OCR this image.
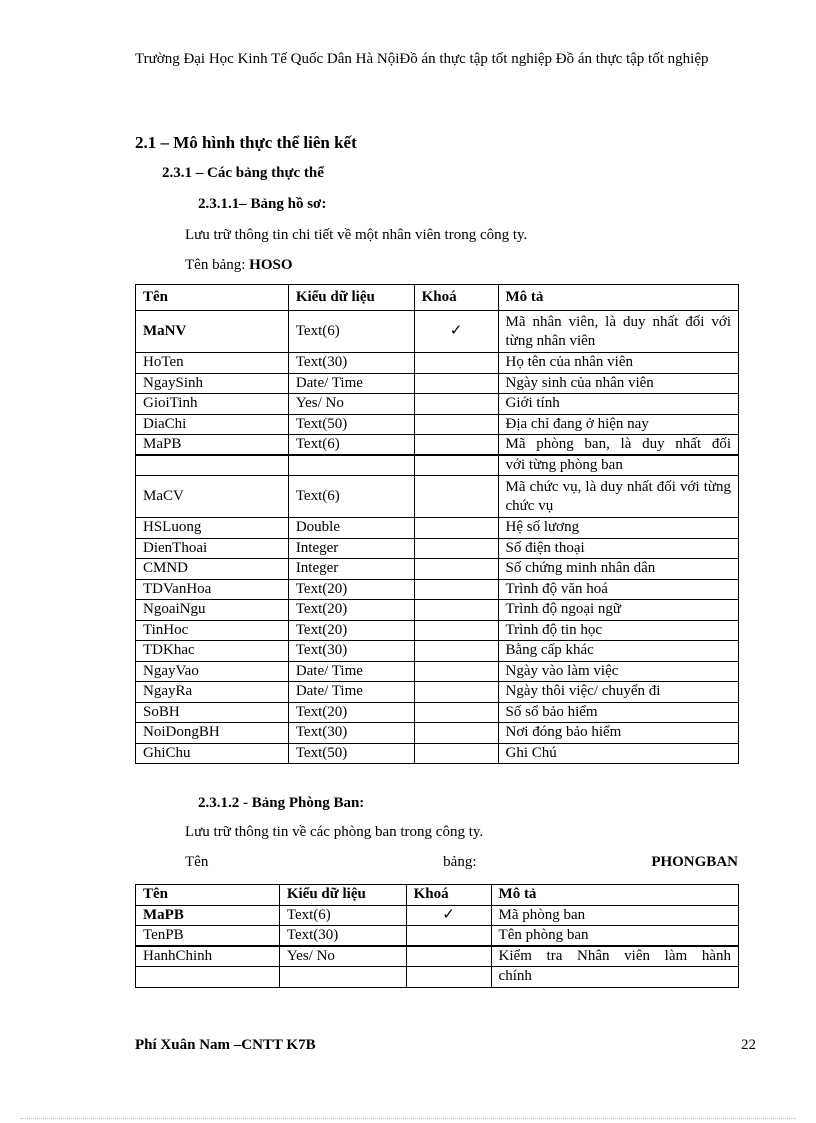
Trường Đại Học Kinh Tế Quốc Dân Hà NộiĐồ án thực tập tốt nghiệp Đồ án thực tập tốt nghiệp
2.1 – Mô hình thực thể liên kết
2.3.1 – Các bảng thực thể
2.3.1.1– Bảng hồ sơ:
Lưu trữ thông tin chi tiết về một nhân viên trong công ty.
Tên bảng: HOSO
Tên	Kiểu dữ liệu	Khoá	Mô tả
MaNV	Text(6)	✓	Mã nhân viên, là duy nhất đối với từng nhân viên
HoTen	Text(30)		Họ tên của nhân viên
NgaySinh	Date/ Time		Ngày sinh của nhân viên
GioiTinh	Yes/ No		Giới tính
DiaChi	Text(50)		Địa chỉ đang ở hiện nay
MaPB	Text(6)		Mã phòng ban, là duy nhất đối
			với từng phòng ban
MaCV	Text(6)		Mã chức vụ, là duy nhất đối với từng chức vụ
HSLuong	Double		Hệ số lương
DienThoai	Integer		Số điện thoại
CMND	Integer		Số chứng minh nhân dân
TDVanHoa	Text(20)		Trình độ văn hoá
NgoaiNgu	Text(20)		Trình độ ngoại ngữ
TinHoc	Text(20)		Trình độ tin học
TDKhac	Text(30)		Bằng cấp khác
NgayVao	Date/ Time		Ngày vào làm việc
NgayRa	Date/ Time		Ngày thôi việc/ chuyển đi
SoBH	Text(20)		Số sổ bảo hiểm
NoiDongBH	Text(30)		Nơi đóng bảo hiểm
GhiChu	Text(50)		Ghi Chú
2.3.1.2 - Bảng Phòng Ban:
Lưu trữ thông tin về các phòng ban trong công ty.
Tên	bảng:	PHONGBAN
Tên	Kiểu dữ liệu	Khoá	Mô tả
MaPB	Text(6)	✓	Mã phòng ban
TenPB	Text(30)		Tên phòng ban
HanhChinh	Yes/ No		Kiểm tra Nhân viên làm hành
			chính
Phí Xuân Nam –CNTT K7B	22
